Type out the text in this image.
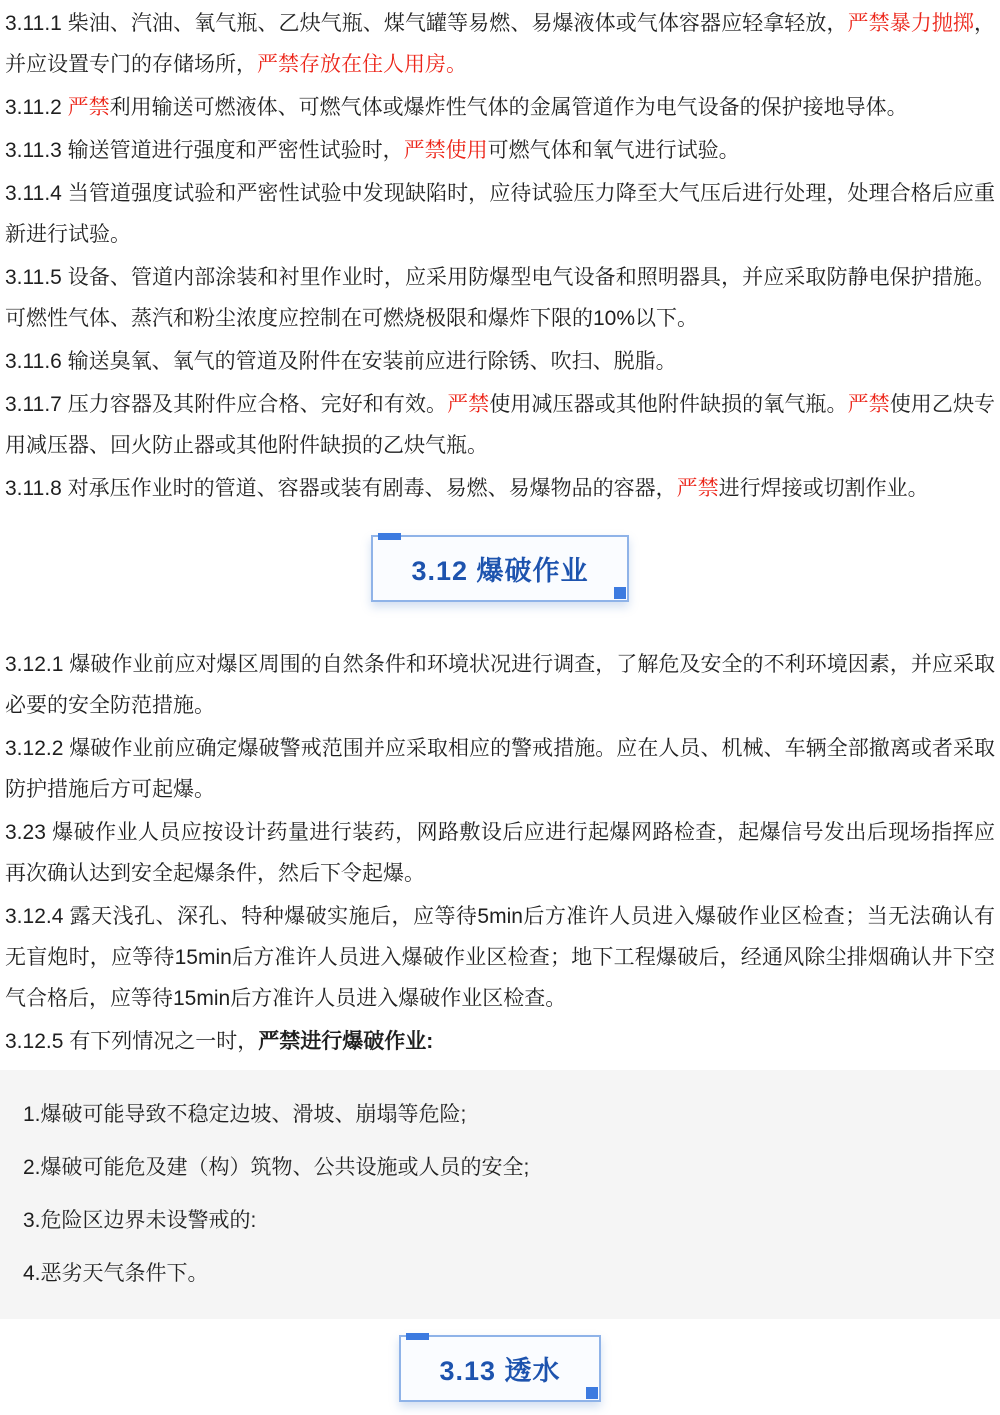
3.11.1 柴油、汽油、氧气瓶、乙炔气瓶、煤气罐等易燃、易爆液体或气体容器应轻拿轻放，严禁暴力抛掷，并应设置专门的存储场所，严禁存放在住人用房。

3.11.2 严禁利用输送可燃液体、可燃气体或爆炸性气体的金属管道作为电气设备的保护接地导体。

3.11.3 输送管道进行强度和严密性试验时，严禁使用可燃气体和氧气进行试验。

3.11.4 当管道强度试验和严密性试验中发现缺陷时，应待试验压力降至大气压后进行处理，处理合格后应重新进行试验。

3.11.5 设备、管道内部涂装和衬里作业时，应采用防爆型电气设备和照明器具，并应采取防静电保护措施。可燃性气体、蒸汽和粉尘浓度应控制在可燃烧极限和爆炸下限的10%以下。

3.11.6 输送臭氧、氧气的管道及附件在安装前应进行除锈、吹扫、脱脂。

3.11.7 压力容器及其附件应合格、完好和有效。严禁使用减压器或其他附件缺损的氧气瓶。严禁使用乙炔专用减压器、回火防止器或其他附件缺损的乙炔气瓶。

3.11.8 对承压作业时的管道、容器或装有剧毒、易燃、易爆物品的容器，严禁进行焊接或切割作业。

3.12 爆破作业

3.12.1 爆破作业前应对爆区周围的自然条件和环境状况进行调查，了解危及安全的不利环境因素，并应采取必要的安全防范措施。

3.12.2 爆破作业前应确定爆破警戒范围并应采取相应的警戒措施。应在人员、机械、车辆全部撤离或者采取防护措施后方可起爆。

3.23 爆破作业人员应按设计药量进行装药，网路敷设后应进行起爆网路检查，起爆信号发出后现场指挥应再次确认达到安全起爆条件，然后下令起爆。

3.12.4 露天浅孔、深孔、特种爆破实施后，应等待5min后方准许人员进入爆破作业区检查；当无法确认有无盲炮时，应等待15min后方准许人员进入爆破作业区检查；地下工程爆破后，经通风除尘排烟确认井下空气合格后，应等待15min后方准许人员进入爆破作业区检查。

3.12.5 有下列情况之一时，严禁进行爆破作业:

1.爆破可能导致不稳定边坡、滑坡、崩塌等危险;

2.爆破可能危及建（构）筑物、公共设施或人员的安全;

3.危险区边界未设警戒的:

4.恶劣天气条件下。

3.13 透水
